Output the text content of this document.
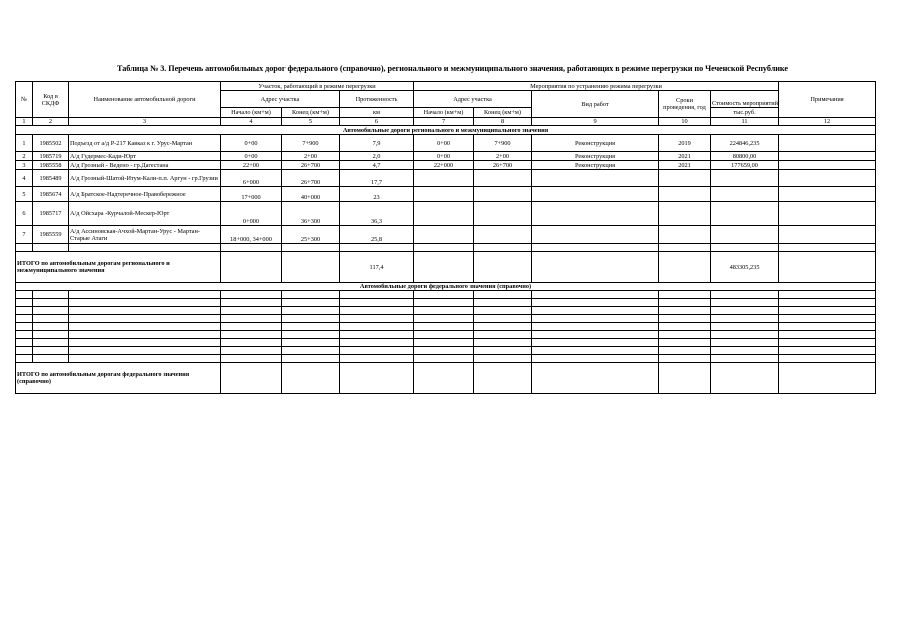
Таблица № 3. Перечень автомобильных дорог федерального (справочно), регионального и межмуниципального значения, работающих в режиме перегрузки по Чеченской Республике
№	Код в СКДФ	Наименование автомобильной дороги	Участок, работающий в режиме перегрузки			Мероприятия по устранению режима перегрузки					Примечания
			Адрес участка		Протяженность	Адрес участка		Вид работ	Сроки проведения, год	Стоимость мероприятий	
			Начало (км+м)	Конец (км+м)	км	Начало (км+м)	Конец (км+м)			тыс.руб.	
1	2	3	4	5	6	7	8	9	10	11	12
Автомобильные дороги регионального и межмуниципального значения											
1	1985502	Подъезд от а/д Р-217 Кавказ к г. Урус-Мартан	0+00	7+900	7,9	0+00	7+900	Реконструкция	2019	224846,235	
2	1985719	А/д Гудермес-Кади-Юрт	0+00	2+00	2,0	0+00	2+00	Реконструкция	2021	80800,00	
3	1985558	А/д Грозный - Ведено - гр.Дагестана	22+00	26+700	4,7	22+000	26+700	Реконструкция	2021	177659,00	
4	1985489	А/д Грозный-Шатой-Итум-Кали-п.п. Аргун - гр.Грузии	6+000	26+700	17,7						
5	1985674	А/д Братское-Надтеречное-Правобережное	17+000	40+000	23						
6	1985717	А/д Ойсхара -Курчалой-Мескер-Юрт	0+000	36+300	36,3						
7	1985559	А/д Ассиновская-Ачхой-Мартан-Урус - Мартан-Старые Атаги	18+000, 34+000	25+300	25,8						

ИТОГО по автомобильным дорогам регионального и межмуниципального значения					117,4					483305,235	
Автомобильные дороги федерального значения (справочно)											

ИТОГО по автомобильным дорогам федерального значения (справочно)											
